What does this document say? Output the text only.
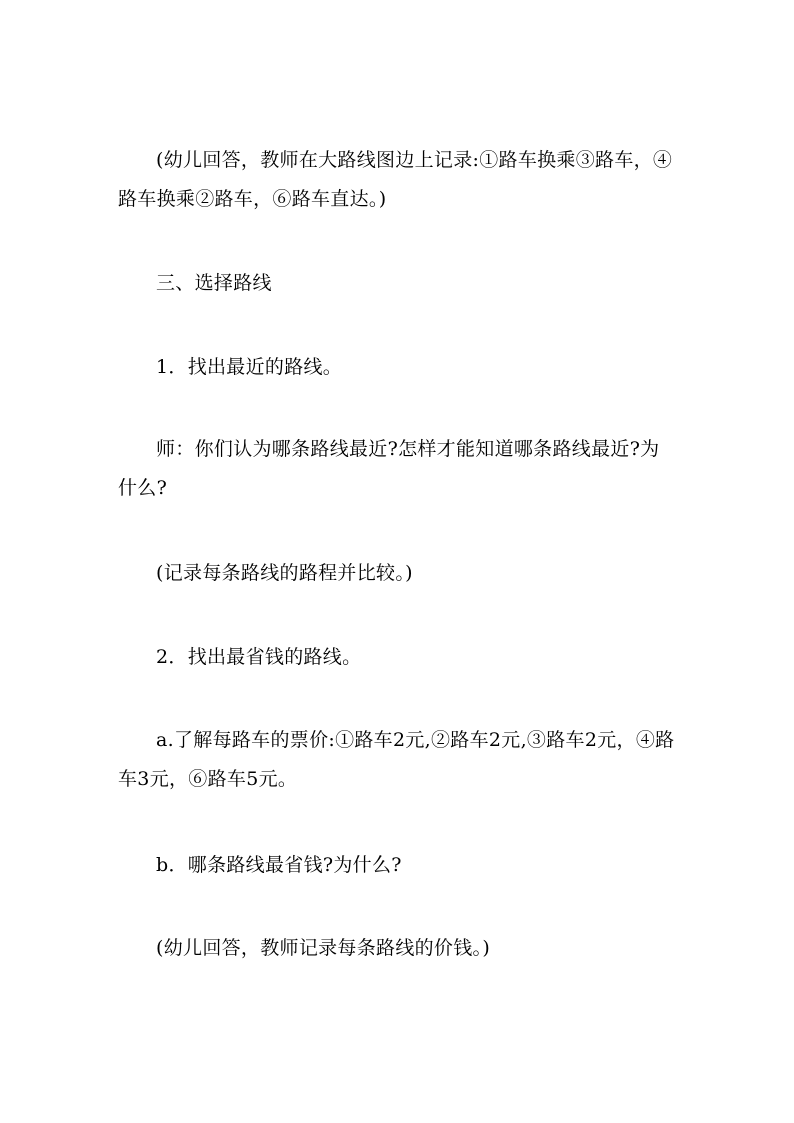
(幼儿回答，教师在大路线图边上记录:①路车换乘③路车，④路车换乘②路车，⑥路车直达。)

三、选择路线

1．找出最近的路线。

师：你们认为哪条路线最近?怎样才能知道哪条路线最近?为什么?

(记录每条路线的路程并比较。)

2．找出最省钱的路线。

a.了解每路车的票价:①路车2元,②路车2元,③路车2元，④路车3元，⑥路车5元。

b．哪条路线最省钱?为什么?

(幼儿回答，教师记录每条路线的价钱。)
